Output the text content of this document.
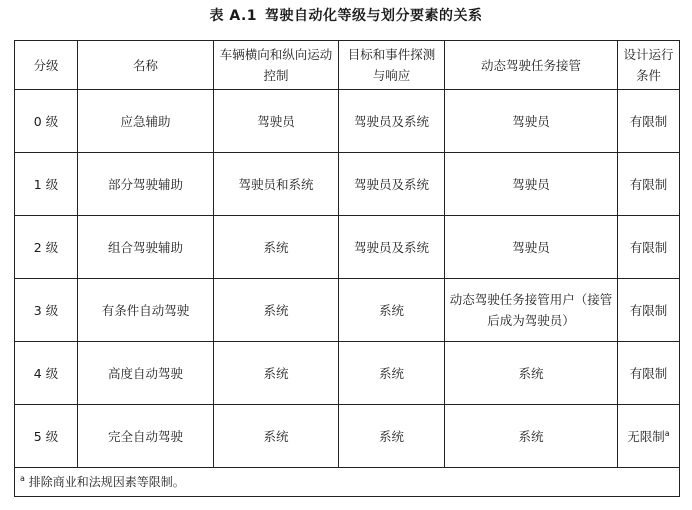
表 A.1 驾驶自动化等级与划分要素的关系
分级	名称	车辆横向和纵向运动控制	目标和事件探测与响应	动态驾驶任务接管	设计运行条件
0 级	应急辅助	驾驶员	驾驶员及系统	驾驶员	有限制
1 级	部分驾驶辅助	驾驶员和系统	驾驶员及系统	驾驶员	有限制
2 级	组合驾驶辅助	系统	驾驶员及系统	驾驶员	有限制
3 级	有条件自动驾驶	系统	系统	动态驾驶任务接管用户（接管后成为驾驶员）	有限制
4 级	高度自动驾驶	系统	系统	系统	有限制
5 级	完全自动驾驶	系统	系统	系统	无限制$^a$
$^a$ 排除商业和法规因素等限制。					
